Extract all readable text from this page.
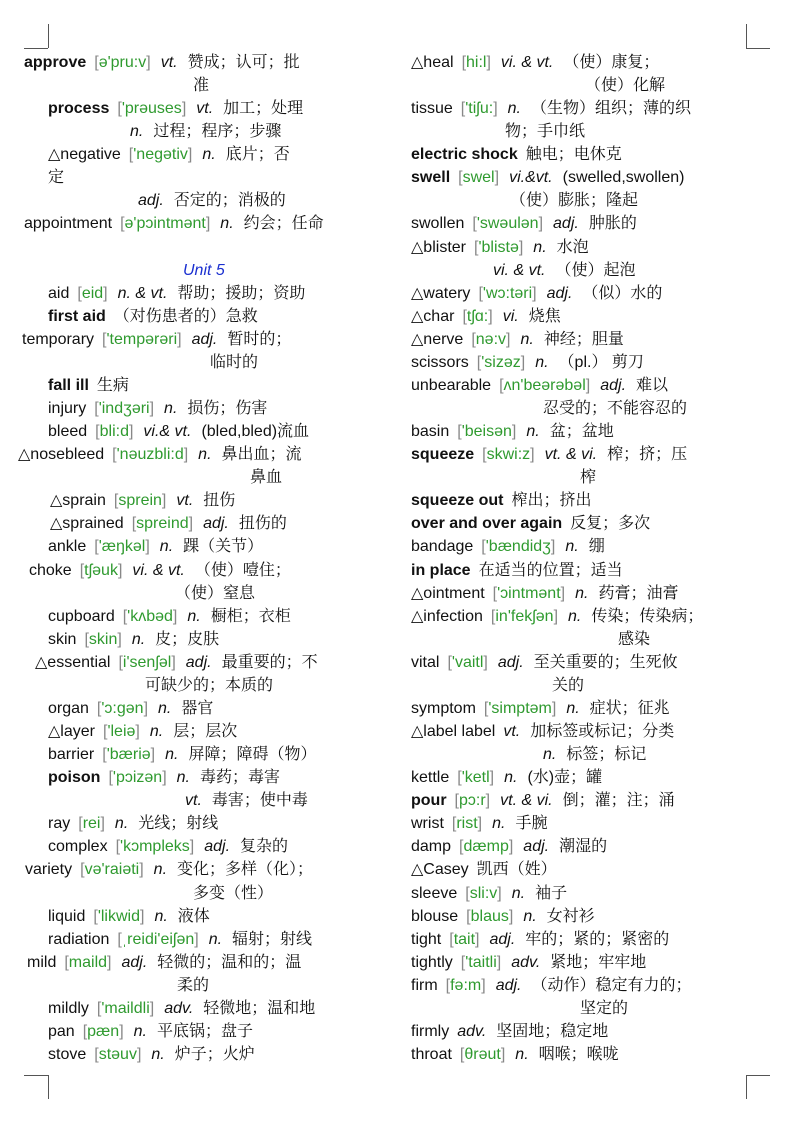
approve [ə'pru:v] vt. 赞成；认可；批
准
process ['prəuses] vt. 加工；处理
n. 过程；程序；步骤
△negative ['negətiv] n. 底片；否
定
adj. 否定的；消极的
appointment [ə'pɔintmənt] n. 约会；任命
Unit 5
aid [eid] n. & vt. 帮助；援助；资助
first aid （对伤患者的）急救
temporary ['tempərəri] adj. 暂时的；
临时的
fall ill 生病
injury ['indʒəri] n. 损伤；伤害
bleed [bli:d] vi.& vt. (bled,bled)流血
△nosebleed ['nəuzbli:d] n. 鼻出血；流
鼻血
△sprain [sprein] vt. 扭伤
△sprained [spreind] adj. 扭伤的
ankle ['æŋkəl] n. 踝（关节）
choke [tʃəuk] vi. & vt. （使）噎住；
（使）窒息
cupboard ['kʌbəd] n. 橱柜；衣柜
skin [skin] n. 皮；皮肤
△essential [i'senʃəl] adj. 最重要的；不
可缺少的；本质的
organ ['ɔ:gən] n. 器官
△layer ['leiə] n. 层；层次
barrier ['bæriə] n. 屏障；障碍（物）
poison ['pɔizən] n. 毒药；毒害
vt. 毒害；使中毒
ray [rei] n. 光线；射线
complex ['kɔmpleks] adj. 复杂的
variety [və'raiəti] n. 变化；多样（化）；
多变（性）
liquid ['likwid] n. 液体
radiation [ˌreidi'eiʃən] n. 辐射；射线
mild [maild] adj. 轻微的；温和的；温
柔的
mildly ['maildli] adv. 轻微地；温和地
pan [pæn] n. 平底锅；盘子
stove [stəuv] n. 炉子；火炉
△heal [hi:l] vi. & vt. （使）康复；
（使）化解
tissue ['tiʃu:] n. （生物）组织；薄的织
物；手巾纸
electric shock 触电；电休克
swell [swel] vi.&vt. (swelled,swollen)
（使）膨胀；隆起
swollen ['swəulən] adj. 肿胀的
△blister ['blistə] n. 水泡
vi. & vt. （使）起泡
△watery ['wɔ:təri] adj. （似）水的
△char [tʃɑ:] vi. 烧焦
△nerve [nə:v] n. 神经；胆量
scissors ['sizəz] n. （pl.） 剪刀
unbearable [ʌn'beərəbəl] adj. 难以
忍受的；不能容忍的
basin ['beisən] n. 盆；盆地
squeeze [skwi:z] vt. & vi. 榨；挤；压
榨
squeeze out 榨出；挤出
over and over again 反复；多次
bandage ['bændidʒ] n. 绷
in place 在适当的位置；适当
△ointment ['ɔintmənt] n. 药膏；油膏
△infection [in'fekʃən] n. 传染；传染病；
感染
vital ['vaitl] adj. 至关重要的；生死攸
关的
symptom ['simptəm] n. 症状；征兆
△label label vt. 加标签或标记；分类
n. 标签；标记
kettle ['ketl] n. (水)壶；罐
pour [pɔ:r] vt. & vi. 倒；灌；注；涌
wrist [rist] n. 手腕
damp [dæmp] adj. 潮湿的
△Casey 凯西（姓）
sleeve [sli:v] n. 袖子
blouse [blaus] n. 女衬衫
tight [tait] adj. 牢的；紧的；紧密的
tightly ['taitli] adv. 紧地；牢牢地
firm [fə:m] adj. （动作）稳定有力的；
坚定的
firmly adv. 坚固地；稳定地
throat [θrəut] n. 咽喉；喉咙
